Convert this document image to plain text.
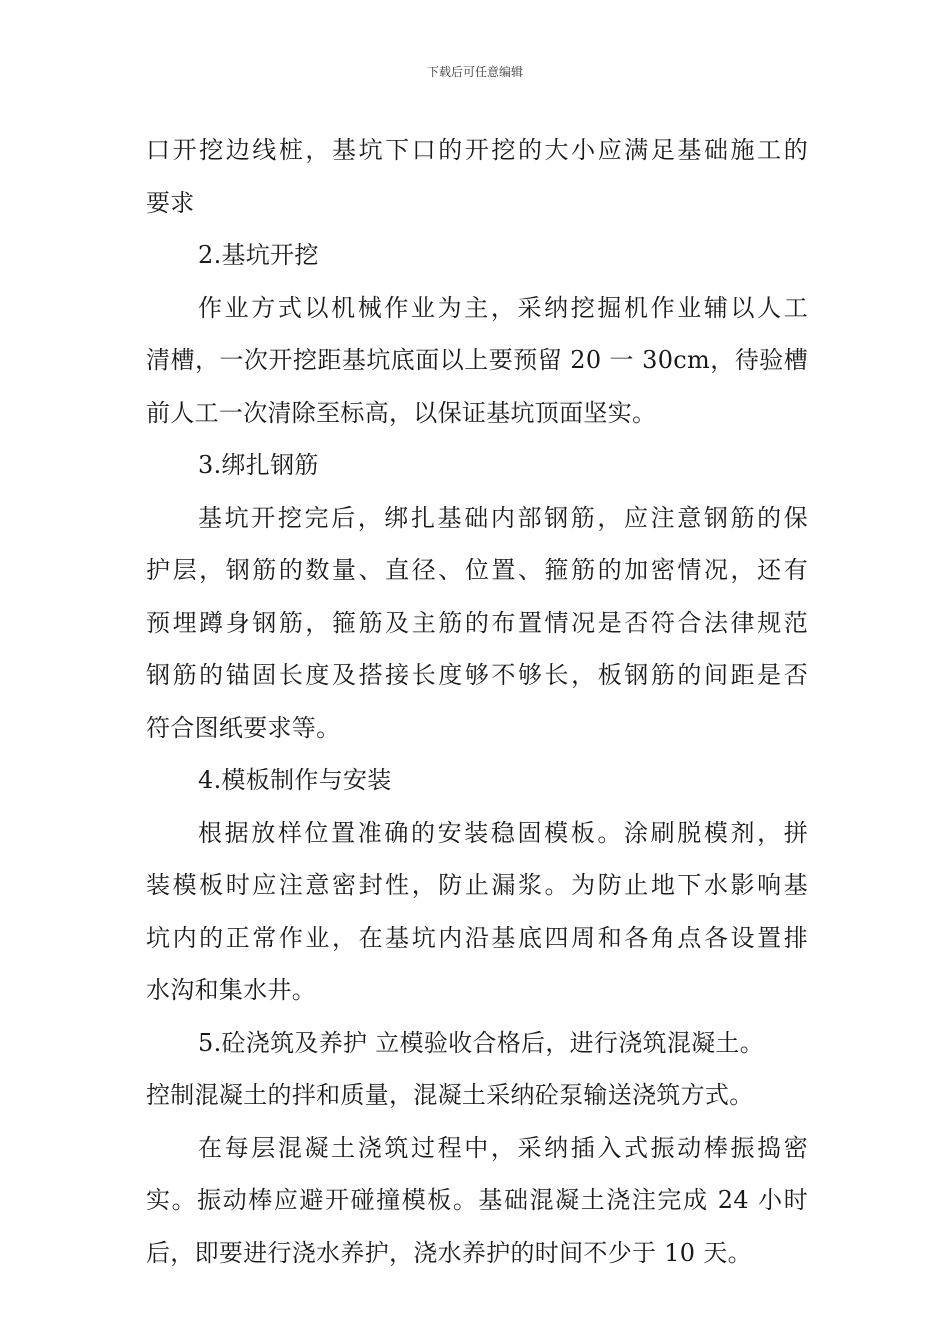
下载后可任意编辑
口开挖边线桩，基坑下口的开挖的大小应满足基础施工的
要求
2.基坑开挖
作业方式以机械作业为主，采纳挖掘机作业辅以人工
清槽，一次开挖距基坑底面以上要预留 20 一 30cm，待验槽
前人工一次清除至标高，以保证基坑顶面坚实。
3.绑扎钢筋
基坑开挖完后，绑扎基础内部钢筋，应注意钢筋的保
护层，钢筋的数量、直径、位置、箍筋的加密情况，还有
预埋蹲身钢筋，箍筋及主筋的布置情况是否符合法律规范
钢筋的锚固长度及搭接长度够不够长，板钢筋的间距是否
符合图纸要求等。
4.模板制作与安装
根据放样位置准确的安装稳固模板。涂刷脱模剂，拼
装模板时应注意密封性，防止漏浆。为防止地下水影响基
坑内的正常作业，在基坑内沿基底四周和各角点各设置排
水沟和集水井。
5.砼浇筑及养护 立模验收合格后，进行浇筑混凝土。
控制混凝土的拌和质量，混凝土采纳砼泵输送浇筑方式。
在每层混凝土浇筑过程中，采纳插入式振动棒振捣密
实。振动棒应避开碰撞模板。基础混凝土浇注完成 24 小时
后，即要进行浇水养护，浇水养护的时间不少于 10 天。
